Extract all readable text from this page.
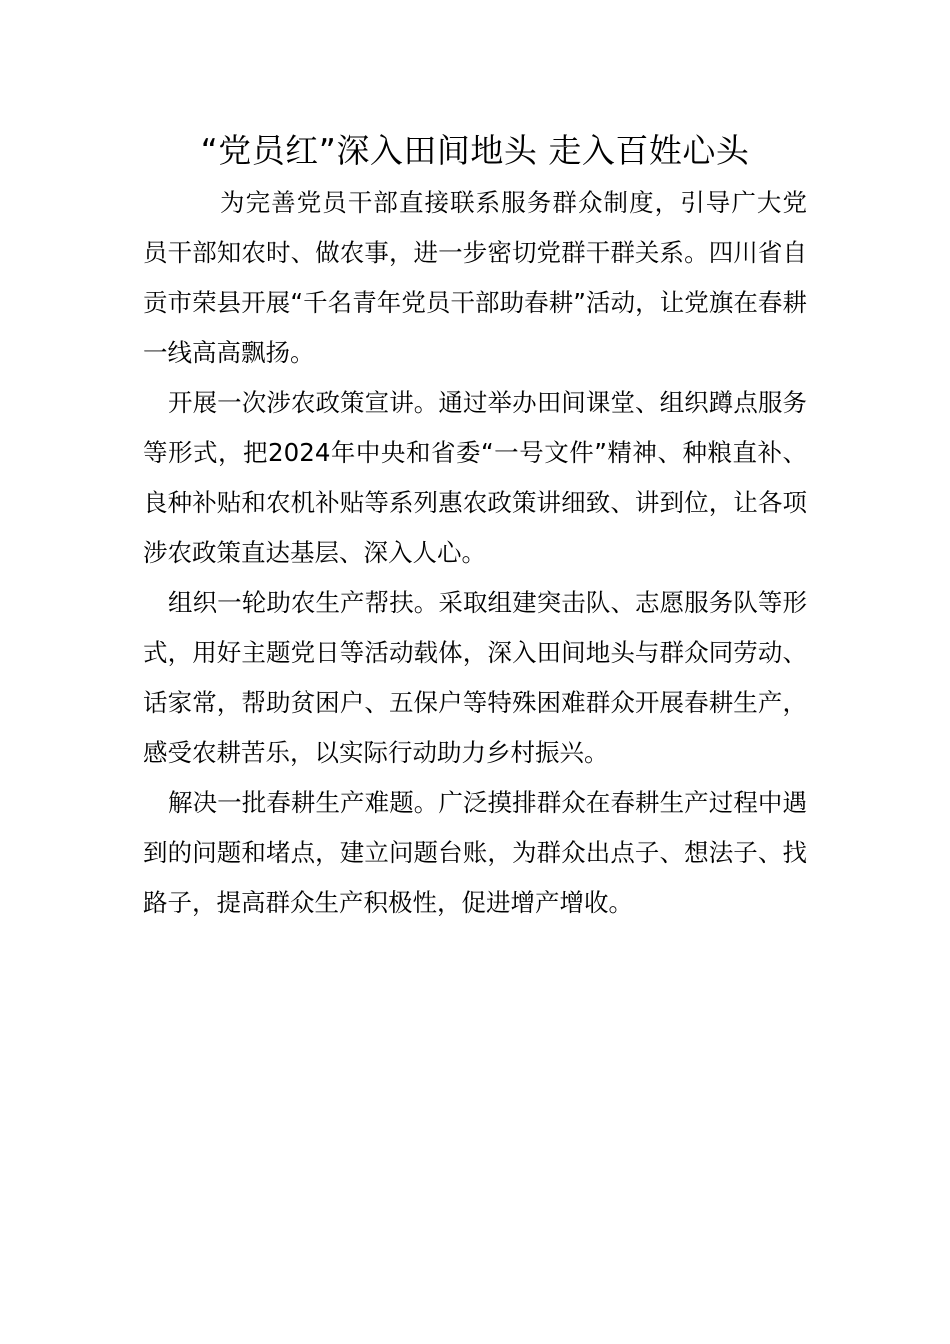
“党员红”深入田间地头 走入百姓心头

为完善党员干部直接联系服务群众制度，引导广大党员干部知农时、做农事，进一步密切党群干群关系。四川省自贡市荣县开展“千名青年党员干部助春耕”活动，让党旗在春耕一线高高飘扬。

开展一次涉农政策宣讲。通过举办田间课堂、组织蹲点服务等形式，把2024年中央和省委“一号文件”精神、种粮直补、良种补贴和农机补贴等系列惠农政策讲细致、讲到位，让各项涉农政策直达基层、深入人心。

组织一轮助农生产帮扶。采取组建突击队、志愿服务队等形式，用好主题党日等活动载体，深入田间地头与群众同劳动、话家常，帮助贫困户、五保户等特殊困难群众开展春耕生产，感受农耕苦乐，以实际行动助力乡村振兴。

解决一批春耕生产难题。广泛摸排群众在春耕生产过程中遇到的问题和堵点，建立问题台账，为群众出点子、想法子、找路子，提高群众生产积极性，促进增产增收。
